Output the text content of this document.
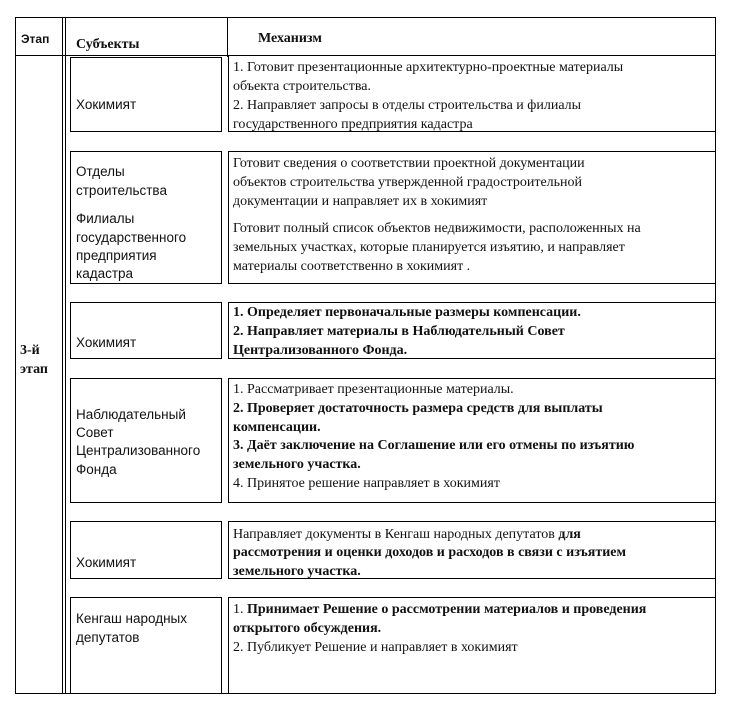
Этап Субъекты	Механизм
3-й
этап
Хокимият
1. Готовит презентационные архитектурно-проектные материалы
объекта строительства.
2. Направляет запросы в отделы строительства и филиалы
государственного предприятия кадастра
Отделы
строительства
Филиалы
государственного
предприятия
кадастра
Готовит сведения о соответствии проектной документации
объектов строительства утвержденной градостроительной
документации и направляет их в хокимият
Готовит полный список объектов недвижимости, расположенных на
земельных участках, которые планируется изъятию, и направляет
материалы соответственно в хокимият .
Хокимият
1. Определяет первоначальные размеры компенсации.
2. Направляет материалы в Наблюдательный Совет
Централизованного Фонда.
Наблюдательный
Совет
Централизованного
Фонда
1. Рассматривает презентационные материалы.
2. Проверяет достаточность размера средств для выплаты
компенсации.
3. Даёт заключение на Соглашение или его отмены по изъятию
земельного участка.
4. Принятое решение направляет в хокимият
Хокимият
Направляет документы в Кенгаш народных депутатов для
рассмотрения и оценки доходов и расходов в связи с изъятием
земельного участка.
Кенгаш народных
депутатов
1. Принимает Решение о рассмотрении материалов и проведения
открытого обсуждения.
2. Публикует Решение и направляет в хокимият
